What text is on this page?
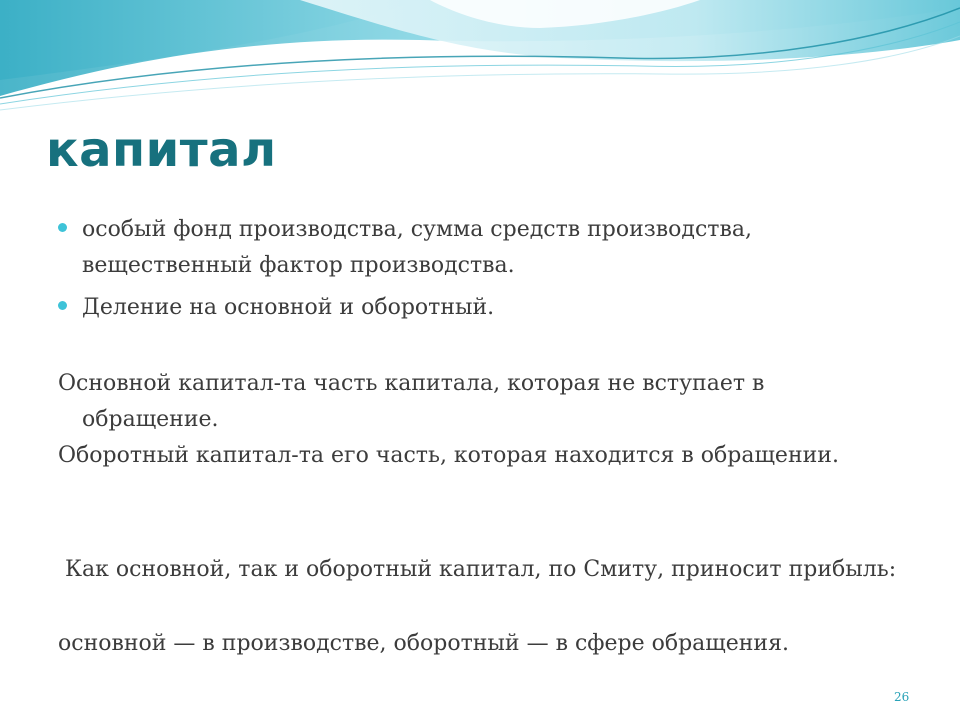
капитал
особый фонд производства, сумма средств производства, вещественный фактор производства.
Деление на основной и оборотный.

Основной капитал-та часть капитала, которая не вступает в обращение.

Оборотный капитал-та его часть, которая находится в обращении.

Как основной, так и оборотный капитал, по Смиту, приносит прибыль:

основной — в производстве, оборотный — в сфере обращения.

26
